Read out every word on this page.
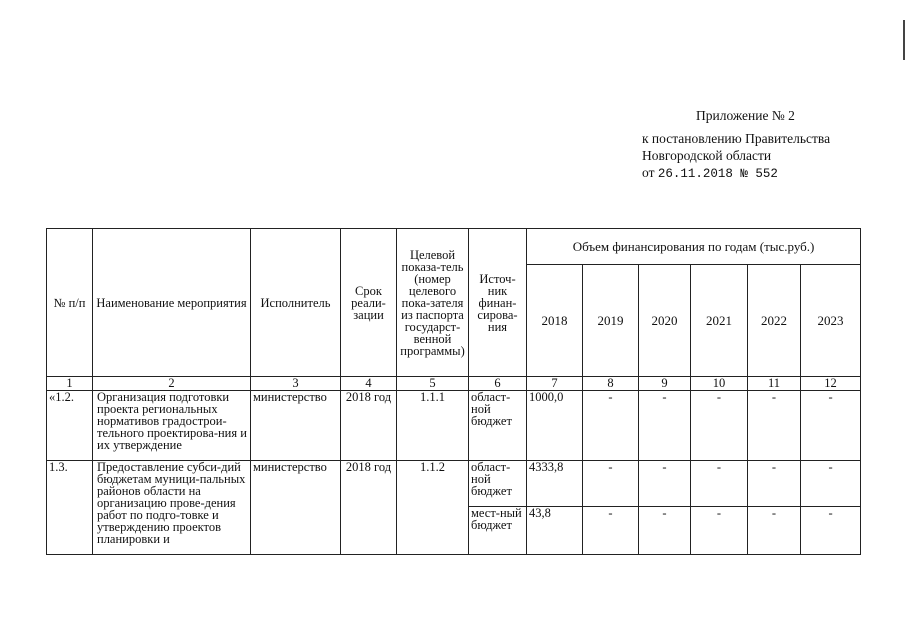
Приложение № 2
к постановлению Правительства
Новгородской области
от 26.11.2018 № 552
№ п/п	Наименование мероприятия	Исполнитель	Срок реали-зации	Целевой показа-тель (номер целевого пока-зателя из паспорта государст-венной программы)	Источ-ник финан-сирова-ния	Объем финансирования по годам (тыс.руб.)					
						2018	2019	2020	2021	2022	2023
1	2	3	4	5	6	7	8	9	10	11	12
«1.2.	Организация подготовки проекта региональных нормативов градострои-тельного проектирова-ния и их утверждение	министерство	2018 год	1.1.1	област-ной бюджет	1000,0	-	-	-	-	-
1.3.	Предоставление субси-дий бюджетам муници-пальных районов области на организацию прове-дения работ по подго-товке и утверждению проектов планировки и	министерство	2018 год	1.1.2	област-ной бюджет	4333,8	-	-	-	-	-
					мест-ный бюджет	43,8	-	-	-	-	-
